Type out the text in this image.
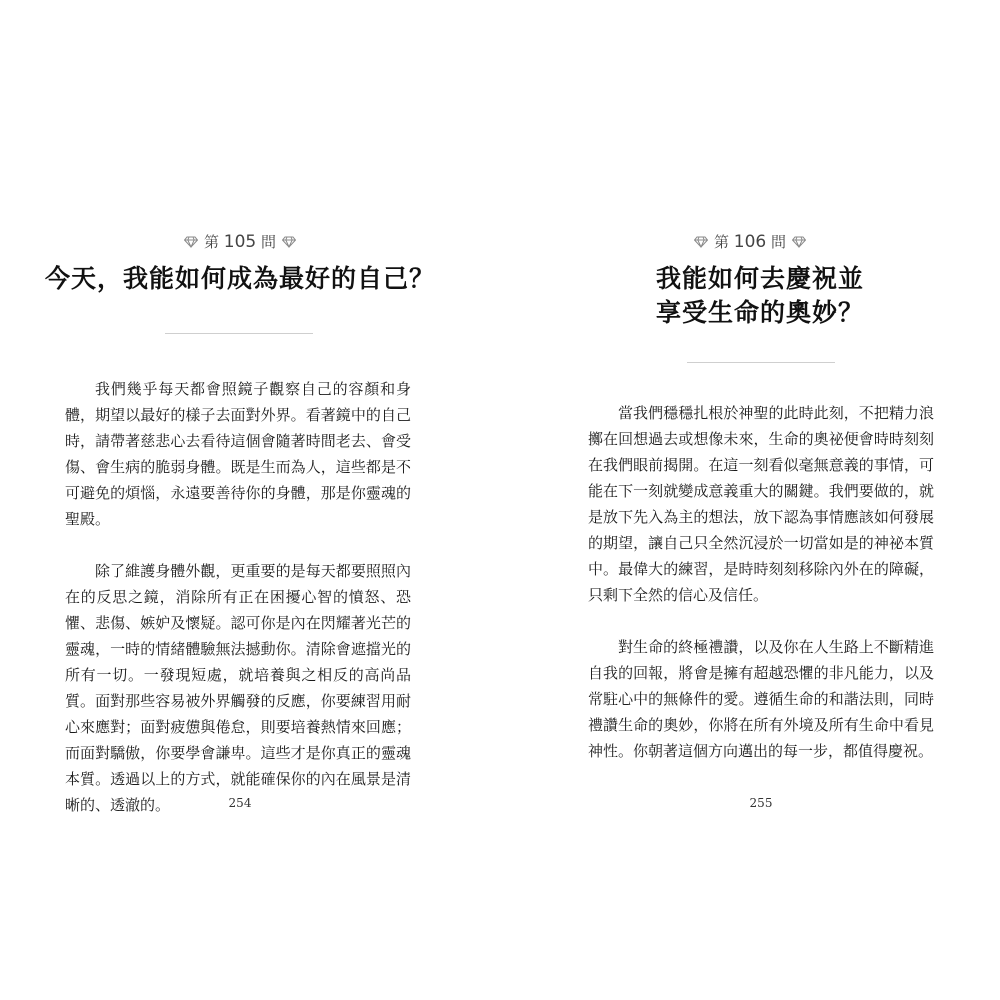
第 105 問
今天，我能如何成為最好的自己？

我們幾乎每天都會照鏡子觀察自己的容顏和身體，期望以最好的樣子去面對外界。看著鏡中的自己時，請帶著慈悲心去看待這個會隨著時間老去、會受傷、會生病的脆弱身體。既是生而為人，這些都是不可避免的煩惱，永遠要善待你的身體，那是你靈魂的聖殿。

除了維護身體外觀，更重要的是每天都要照照內在的反思之鏡，消除所有正在困擾心智的憤怒、恐懼、悲傷、嫉妒及懷疑。認可你是內在閃耀著光芒的靈魂，一時的情緒體驗無法撼動你。清除會遮擋光的所有一切。一發現短處，就培養與之相反的高尚品質。面對那些容易被外界觸發的反應，你要練習用耐心來應對；面對疲憊與倦怠，則要培養熱情來回應；而面對驕傲，你要學會謙卑。這些才是你真正的靈魂本質。透過以上的方式，就能確保你的內在風景是清晰的、透澈的。	254
第 106 問
我能如何去慶祝並
享受生命的奧妙？

當我們穩穩扎根於神聖的此時此刻，不把精力浪擲在回想過去或想像未來，生命的奧祕便會時時刻刻在我們眼前揭開。在這一刻看似毫無意義的事情，可能在下一刻就變成意義重大的關鍵。我們要做的，就是放下先入為主的想法，放下認為事情應該如何發展的期望，讓自己只全然沉浸於一切當如是的神祕本質中。最偉大的練習，是時時刻刻移除內外在的障礙，只剩下全然的信心及信任。

對生命的終極禮讚，以及你在人生路上不斷精進自我的回報，將會是擁有超越恐懼的非凡能力，以及常駐心中的無條件的愛。遵循生命的和諧法則，同時禮讚生命的奧妙，你將在所有外境及所有生命中看見神性。你朝著這個方向邁出的每一步，都值得慶祝。

255
